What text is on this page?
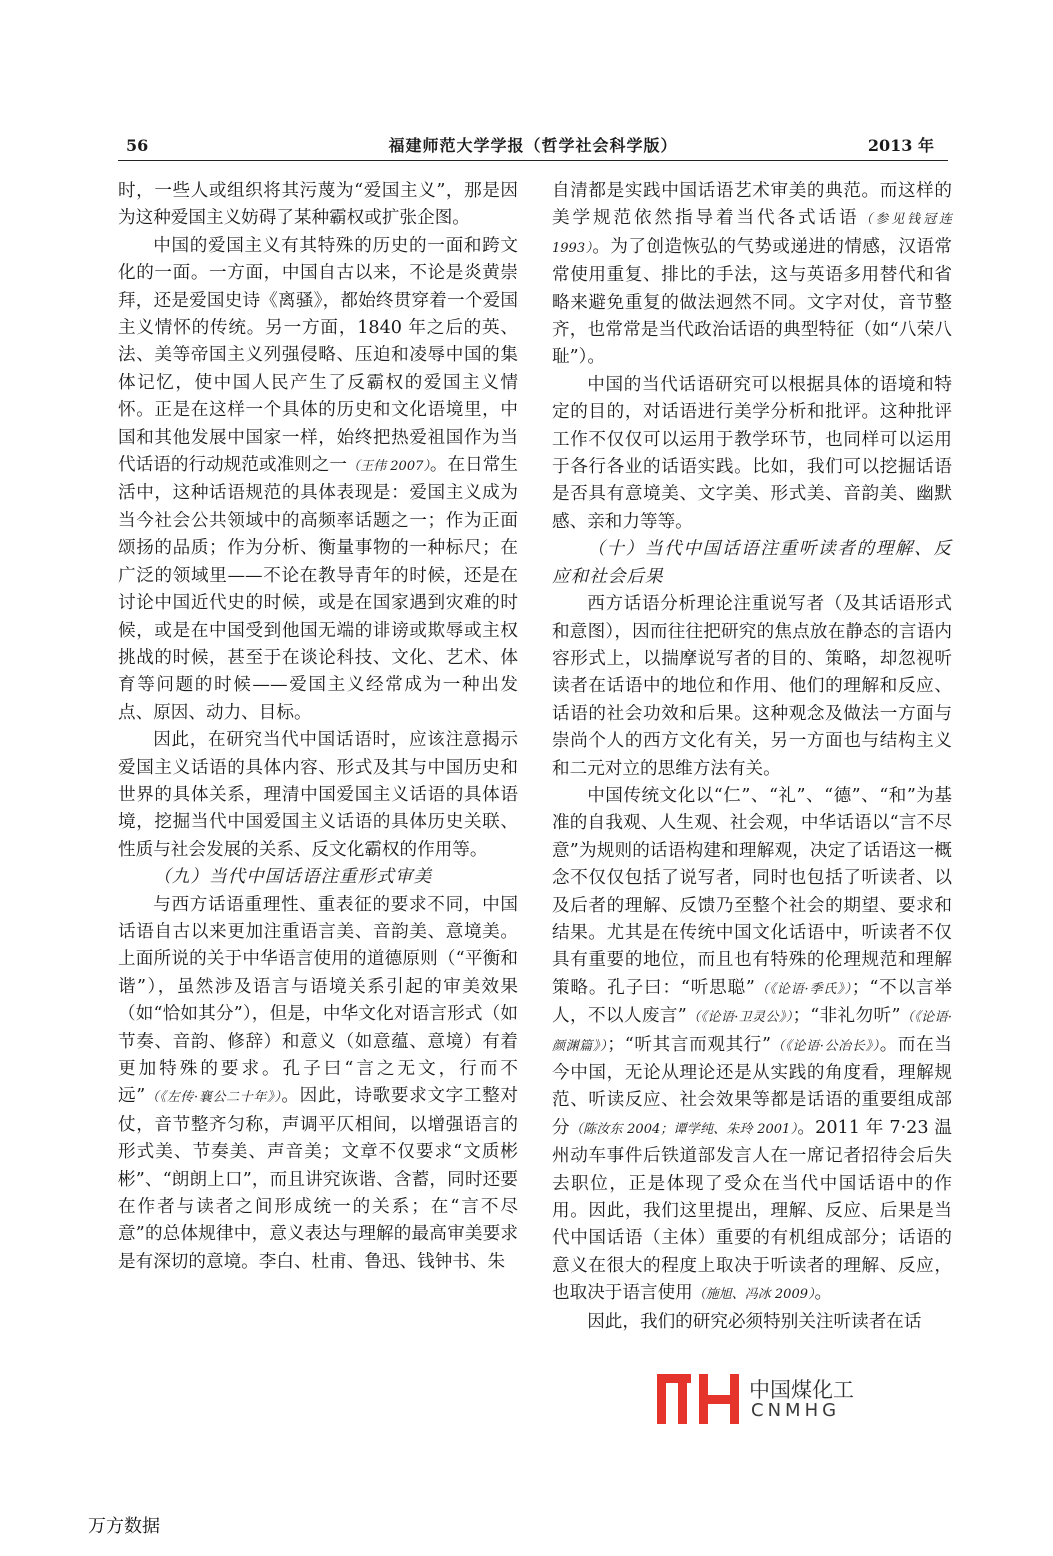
56	福建师范大学学报（哲学社会科学版）	2013 年

时，一些人或组织将其污蔑为“爱国主义”，那是因为这种爱国主义妨碍了某种霸权或扩张企图。

中国的爱国主义有其特殊的历史的一面和跨文化的一面。一方面，中国自古以来，不论是炎黄崇拜，还是爱国史诗《离骚》，都始终贯穿着一个爱国主义情怀的传统。另一方面，1840 年之后的英、法、美等帝国主义列强侵略、压迫和凌辱中国的集体记忆，使中国人民产生了反霸权的爱国主义情怀。正是在这样一个具体的历史和文化语境里，中国和其他发展中国家一样，始终把热爱祖国作为当代话语的行动规范或准则之一（王伟 2007）。在日常生活中，这种话语规范的具体表现是：爱国主义成为当今社会公共领域中的高频率话题之一；作为正面颂扬的品质；作为分析、衡量事物的一种标尺；在广泛的领域里——不论在教导青年的时候，还是在讨论中国近代史的时候，或是在国家遇到灾难的时候，或是在中国受到他国无端的诽谤或欺辱或主权挑战的时候，甚至于在谈论科技、文化、艺术、体育等问题的时候——爱国主义经常成为一种出发点、原因、动力、目标。

因此，在研究当代中国话语时，应该注意揭示爱国主义话语的具体内容、形式及其与中国历史和世界的具体关系，理清中国爱国主义话语的具体语境，挖掘当代中国爱国主义话语的具体历史关联、性质与社会发展的关系、反文化霸权的作用等。

（九）当代中国话语注重形式审美

与西方话语重理性、重表征的要求不同，中国话语自古以来更加注重语言美、音韵美、意境美。上面所说的关于中华语言使用的道德原则（“平衡和谐”），虽然涉及语言与语境关系引起的审美效果（如“恰如其分”），但是，中华文化对语言形式（如节奏、音韵、修辞）和意义（如意蕴、意境）有着更加特殊的要求。孔子曰“言之无文，行而不远”（《左传·襄公二十年》）。因此，诗歌要求文字工整对仗，音节整齐匀称，声调平仄相间，以增强语言的形式美、节奏美、声音美；文章不仅要求“文质彬彬”、“朗朗上口”，而且讲究诙谐、含蓄，同时还要在作者与读者之间形成统一的关系；在“言不尽意”的总体规律中，意义表达与理解的最高审美要求是有深切的意境。李白、杜甫、鲁迅、钱钟书、朱

自清都是实践中国话语艺术审美的典范。而这样的美学规范依然指导着当代各式话语（参见钱冠连 1993）。为了创造恢弘的气势或递进的情感，汉语常常使用重复、排比的手法，这与英语多用替代和省略来避免重复的做法迥然不同。文字对仗，音节整齐，也常常是当代政治话语的典型特征（如“八荣八耻”）。

中国的当代话语研究可以根据具体的语境和特定的目的，对话语进行美学分析和批评。这种批评工作不仅仅可以运用于教学环节，也同样可以运用于各行各业的话语实践。比如，我们可以挖掘话语是否具有意境美、文字美、形式美、音韵美、幽默感、亲和力等等。

（十）当代中国话语注重听读者的理解、反应和社会后果

西方话语分析理论注重说写者（及其话语形式和意图），因而往往把研究的焦点放在静态的言语内容形式上，以揣摩说写者的目的、策略，却忽视听读者在话语中的地位和作用、他们的理解和反应、话语的社会功效和后果。这种观念及做法一方面与崇尚个人的西方文化有关，另一方面也与结构主义和二元对立的思维方法有关。

中国传统文化以“仁”、“礼”、“德”、“和”为基准的自我观、人生观、社会观，中华话语以“言不尽意”为规则的话语构建和理解观，决定了话语这一概念不仅仅包括了说写者，同时也包括了听读者、以及后者的理解、反馈乃至整个社会的期望、要求和结果。尤其是在传统中国文化话语中，听读者不仅具有重要的地位，而且也有特殊的伦理规范和理解策略。孔子曰：“听思聪”（《论语·季氏》）；“不以言举人，不以人废言”（《论语·卫灵公》）；“非礼勿听”（《论语·颜渊篇》）；“听其言而观其行”（《论语·公冶长》）。而在当今中国，无论从理论还是从实践的角度看，理解规范、听读反应、社会效果等都是话语的重要组成部分（陈汝东 2004；谭学纯、朱玲 2001）。2011 年 7·23 温州动车事件后铁道部发言人在一席记者招待会后失去职位，正是体现了受众在当代中国话语中的作用。因此，我们这里提出，理解、反应、后果是当代中国话语（主体）重要的有机组成部分；话语的意义在很大的程度上取决于听读者的理解、反应，也取决于语言使用（施旭、冯冰 2009）。

因此，我们的研究必须特别关注听读者在话

中国煤化工
CNMHG
万方数据
